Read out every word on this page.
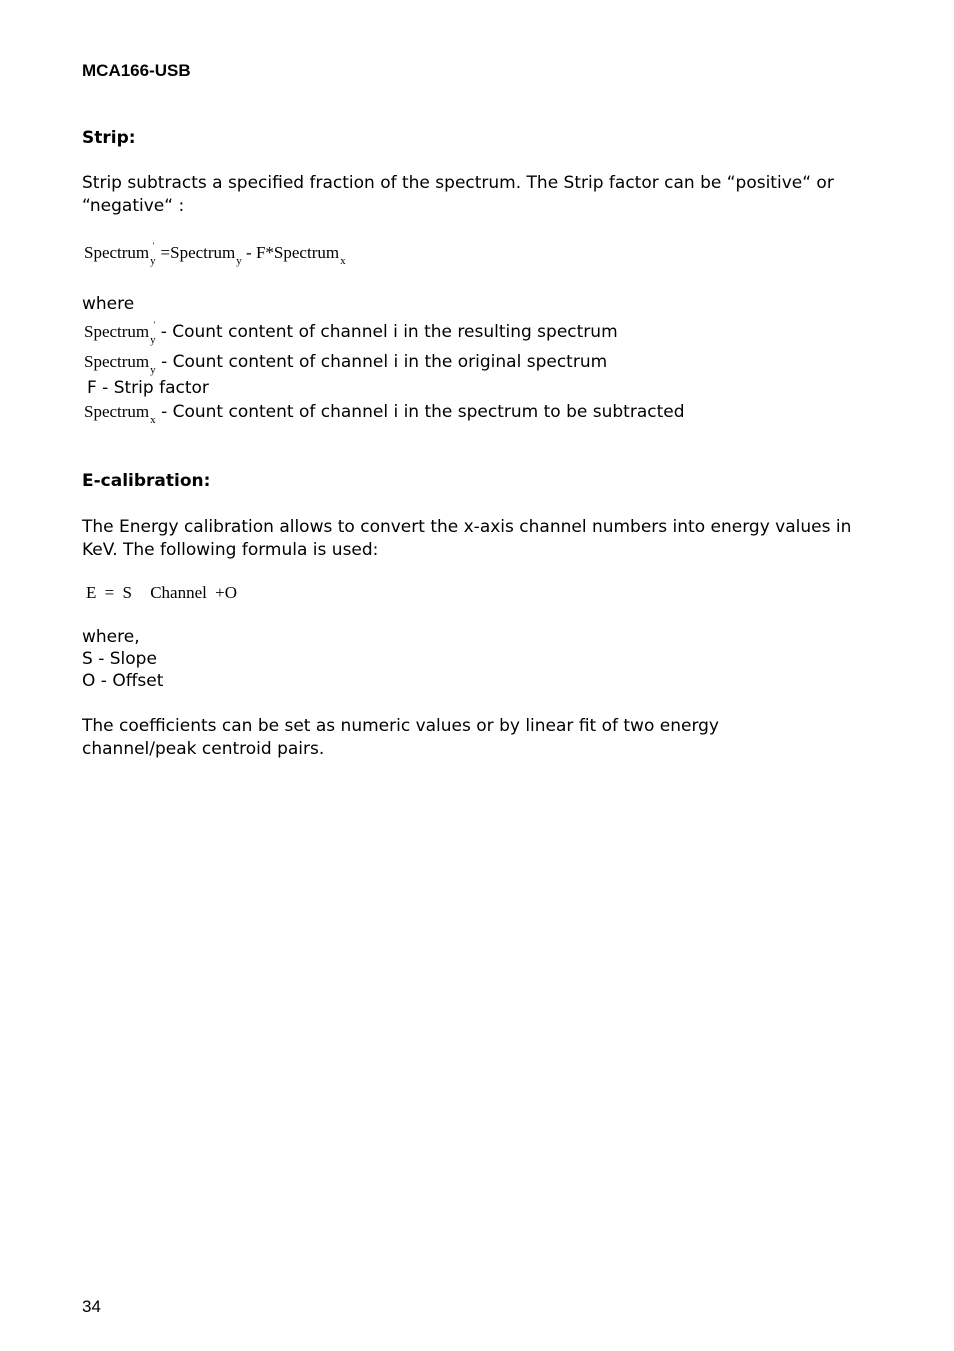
MCA166-USB
Strip:
Strip subtracts a specified fraction of the spectrum. The Strip factor can be “positive“ or “negative“ :
Spectrum$_y$' =Spectrum$_y$ - F*Spectrum$_x$
where
Spectrum$_y$' - Count content of channel i in the resulting spectrum
Spectrum$_y$ - Count content of channel i in the original spectrum
F - Strip factor
Spectrum$_x$ - Count content of channel i in the spectrum to be subtracted
E-calibration:
The Energy calibration allows to convert the x-axis channel numbers into energy values in KeV. The following formula is used:
E = S Channel +O
where,
S - Slope
O - Offset
The coefficients can be set as numeric values or by linear fit of two energy channel/peak centroid pairs.
34
